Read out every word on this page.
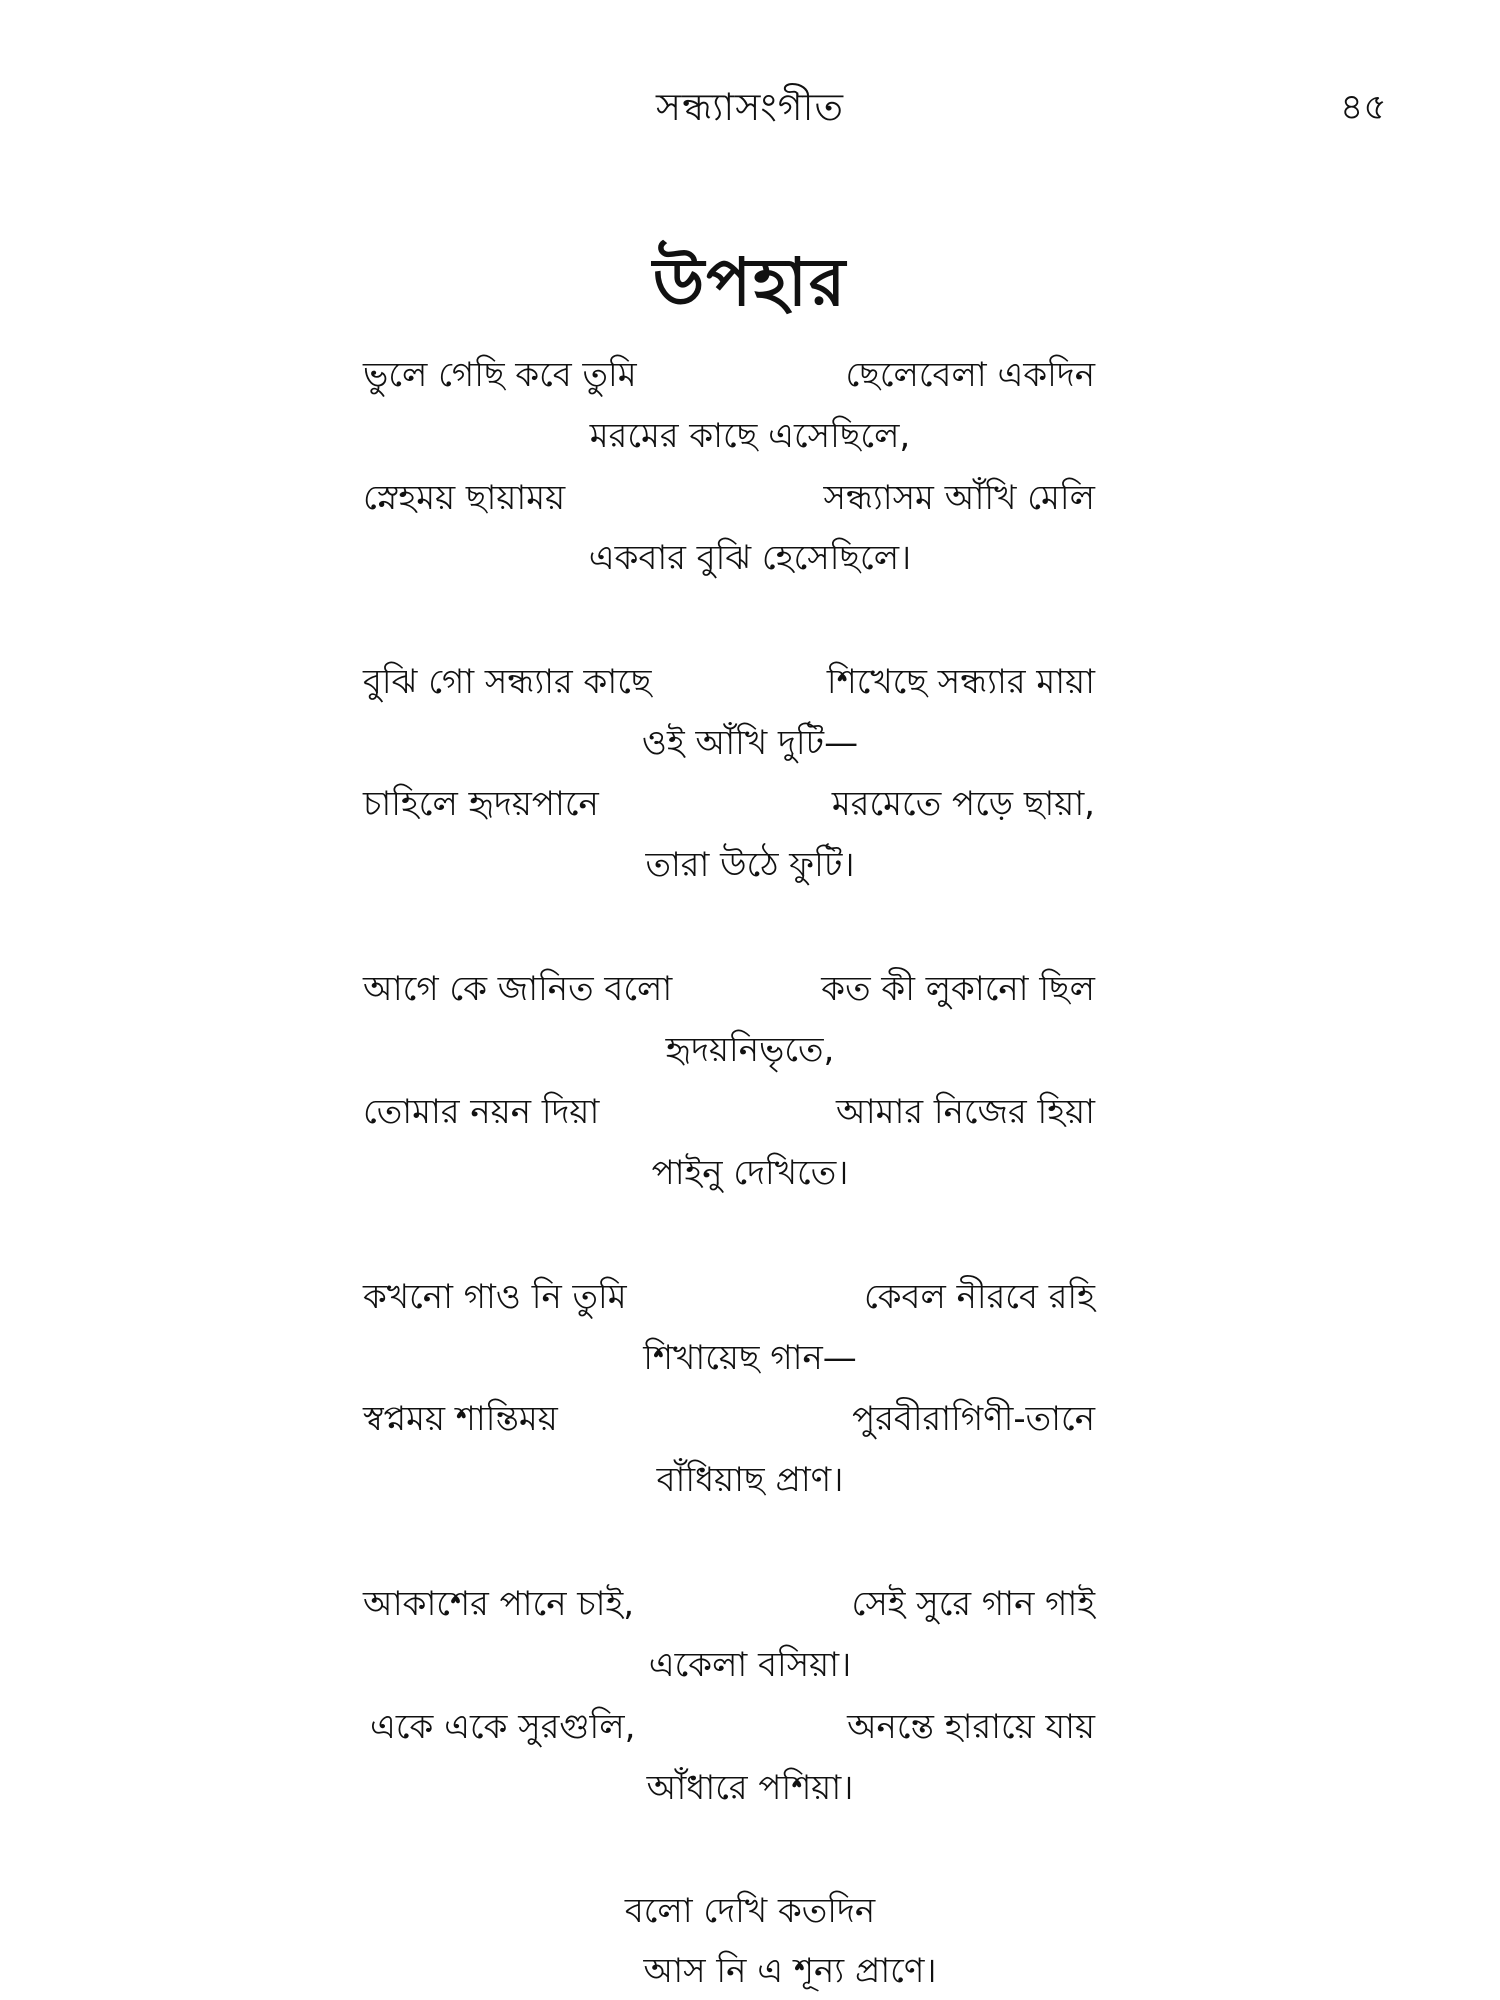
সন্ধ্যাসংগীত	৪৫
উপহার
ভুলে গেছি কবে তুমি	ছেলেবেলা একদিন
মরমের কাছে এসেছিলে,
স্নেহময় ছায়াময়	সন্ধ্যাসম আঁখি মেলি
একবার বুঝি হেসেছিলে।
বুঝি গো সন্ধ্যার কাছে	শিখেছে সন্ধ্যার মায়া
ওই আঁখি দুটি—
চাহিলে হৃদয়পানে	মরমেতে পড়ে ছায়া,
তারা উঠে ফুটি।
আগে কে জানিত বলো	কত কী লুকানো ছিল
হৃদয়নিভৃতে,
তোমার নয়ন দিয়া	আমার নিজের হিয়া
পাইনু দেখিতে।
কখনো গাও নি তুমি	কেবল নীরবে রহি
শিখায়েছ গান—
স্বপ্নময় শান্তিময়	পুরবীরাগিণী-তানে
বাঁধিয়াছ প্রাণ।
আকাশের পানে চাই,	সেই সুরে গান গাই
একেলা বসিয়া।
একে একে সুরগুলি,	অনন্তে হারায়ে যায়
আঁধারে পশিয়া।
বলো দেখি কতদিন
আস নি এ শূন্য প্রাণে।
